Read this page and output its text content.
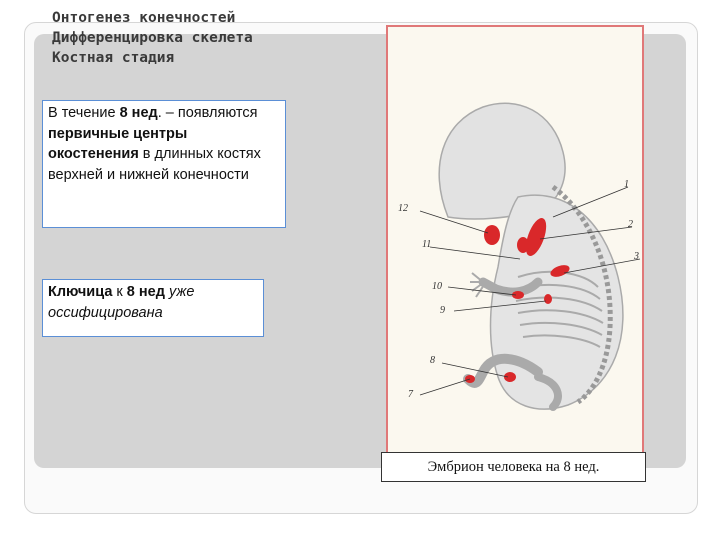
Онтогенез конечностей
Дифференцировка скелета
Костная стадия
В течение 8 нед. – появляются первичные центры окостенения в длинных костях верхней и нижней конечности
Ключица к 8 нед уже оссифицирована
1
2
3
12
11
10
9
8
7
Эмбрион человека на 8 нед.
